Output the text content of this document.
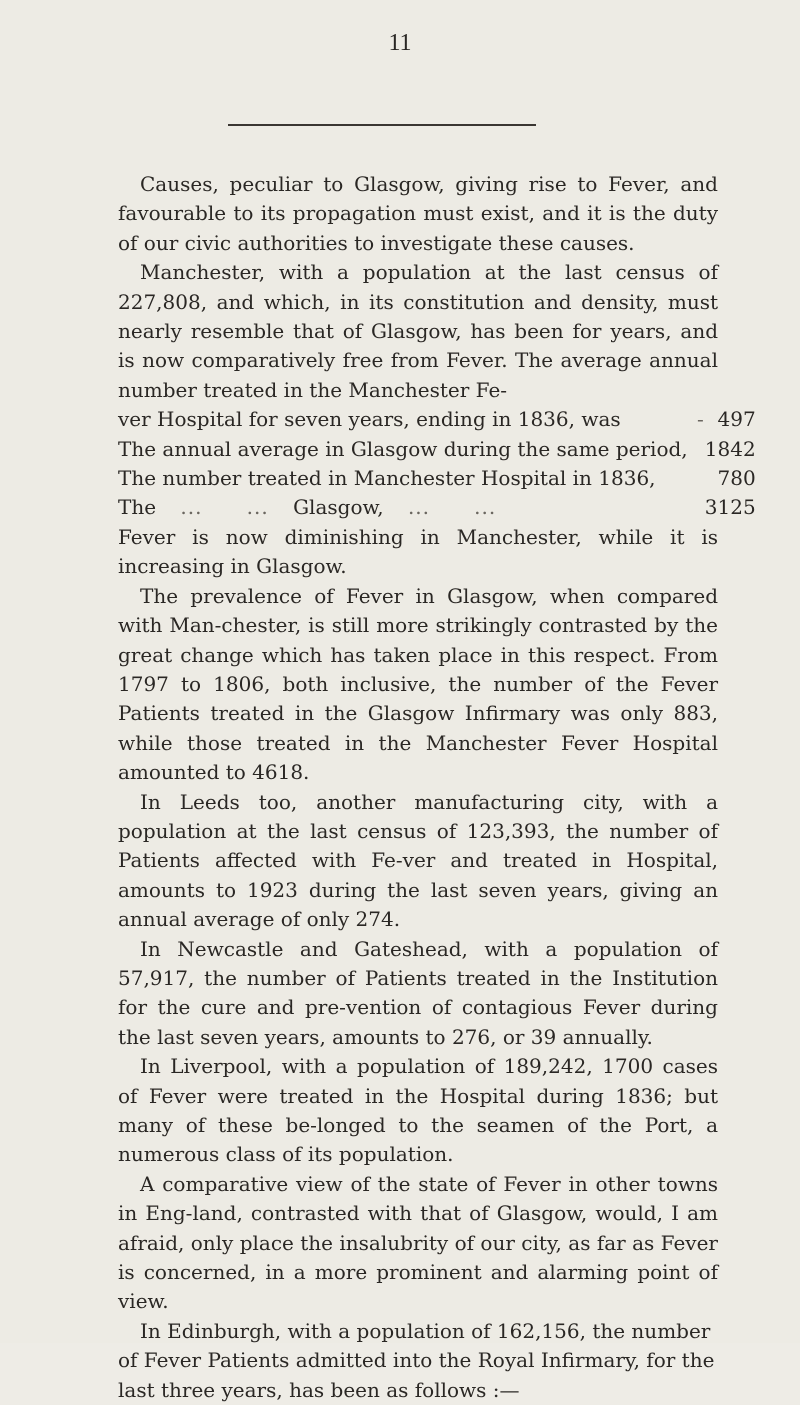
11

Causes, peculiar to Glasgow, giving rise to Fever, and favourable to its propagation must exist, and it is the duty of our civic authorities to investigate these causes.

Manchester, with a population at the last census of 227,808, and which, in its constitution and density, must nearly resemble that of Glasgow, has been for years, and is now comparatively free from Fever. The average annual number treated in the Manchester Fe-

ver Hospital for seven years, ending in 1836, was -	497
The annual average in Glasgow during the same period,	1842
The number treated in Manchester Hospital in 1836,	780
The ...      ... Glasgow, ...      ...	3125

Fever is now diminishing in Manchester, while it is increasing in Glasgow.

The prevalence of Fever in Glasgow, when compared with Man-chester, is still more strikingly contrasted by the great change which has taken place in this respect. From 1797 to 1806, both inclusive, the number of the Fever Patients treated in the Glasgow Infirmary was only 883, while those treated in the Manchester Fever Hospital amounted to 4618.

In Leeds too, another manufacturing city, with a population at the last census of 123,393, the number of Patients affected with Fe-ver and treated in Hospital, amounts to 1923 during the last seven years, giving an annual average of only 274.

In Newcastle and Gateshead, with a population of 57,917, the number of Patients treated in the Institution for the cure and pre-vention of contagious Fever during the last seven years, amounts to 276, or 39 annually.

In Liverpool, with a population of 189,242, 1700 cases of Fever were treated in the Hospital during 1836; but many of these be-longed to the seamen of the Port, a numerous class of its population.

A comparative view of the state of Fever in other towns in Eng-land, contrasted with that of Glasgow, would, I am afraid, only place the insalubrity of our city, as far as Fever is concerned, in a more prominent and alarming point of view.

In Edinburgh, with a population of 162,156, the number of Fever Patients admitted into the Royal Infirmary, for the last three years, has been as follows :—
